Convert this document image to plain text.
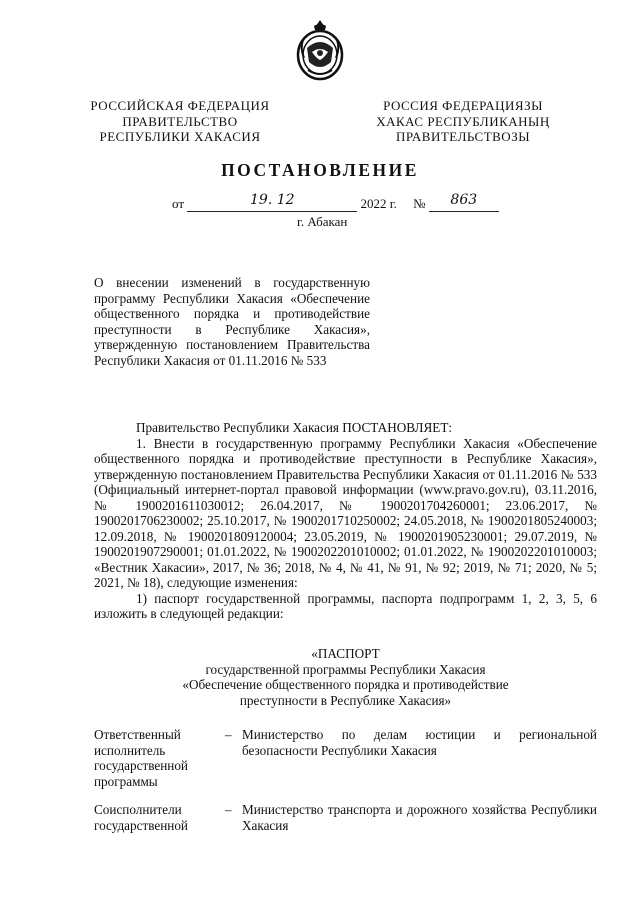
РОССИЙСКАЯ ФЕДЕРАЦИЯ
ПРАВИТЕЛЬСТВО
РЕСПУБЛИКИ ХАКАСИЯ
РОССИЯ ФЕДЕРАЦИЯЗЫ
ХАКАС РЕСПУБЛИКАНЫҢ
ПРАВИТЕЛЬСТВОЗЫ
ПОСТАНОВЛЕНИЕ
от	19. 12	2022 г. № 863
г. Абакан
О внесении изменений в государственную программу Республики Хакасия «Обеспечение общественного порядка и противодействие преступности в Республике Хакасия», утвержденную постановлением Правительства Республики Хакасия от 01.11.2016 № 533

Правительство Республики Хакасия ПОСТАНОВЛЯЕТ:

1. Внести в государственную программу Республики Хакасия «Обеспечение общественного порядка и противодействие преступности в Республике Хакасия», утвержденную постановлением Правительства Республики Хакасия от 01.11.2016 № 533 (Официальный интернет-портал правовой информации (www.pravo.gov.ru), 03.11.2016, № 1900201611030012; 26.04.2017, № 1900201704260001; 23.06.2017, № 1900201706230002; 25.10.2017, № 1900201710250002; 24.05.2018, № 1900201805240003; 12.09.2018, № 1900201809120004; 23.05.2019, № 1900201905230001; 29.07.2019, № 1900201907290001; 01.01.2022, № 1900202201010002; 01.01.2022, № 1900202201010003; «Вестник Хакасии», 2017, № 36; 2018, № 4, № 41, № 91, № 92; 2019, № 71; 2020, № 5; 2021, № 18), следующие изменения:

1) паспорт государственной программы, паспорта подпрограмм 1, 2, 3, 5, 6 изложить в следующей редакции:

«ПАСПОРТ
государственной программы Республики Хакасия
«Обеспечение общественного порядка и противодействие
преступности в Республике Хакасия»
Ответственный исполнитель государственной программы
– Министерство по делам юстиции и региональной безопасности Республики Хакасия
Соисполнители государственной
– Министерство транспорта и дорожного хозяйства Республики Хакасия
